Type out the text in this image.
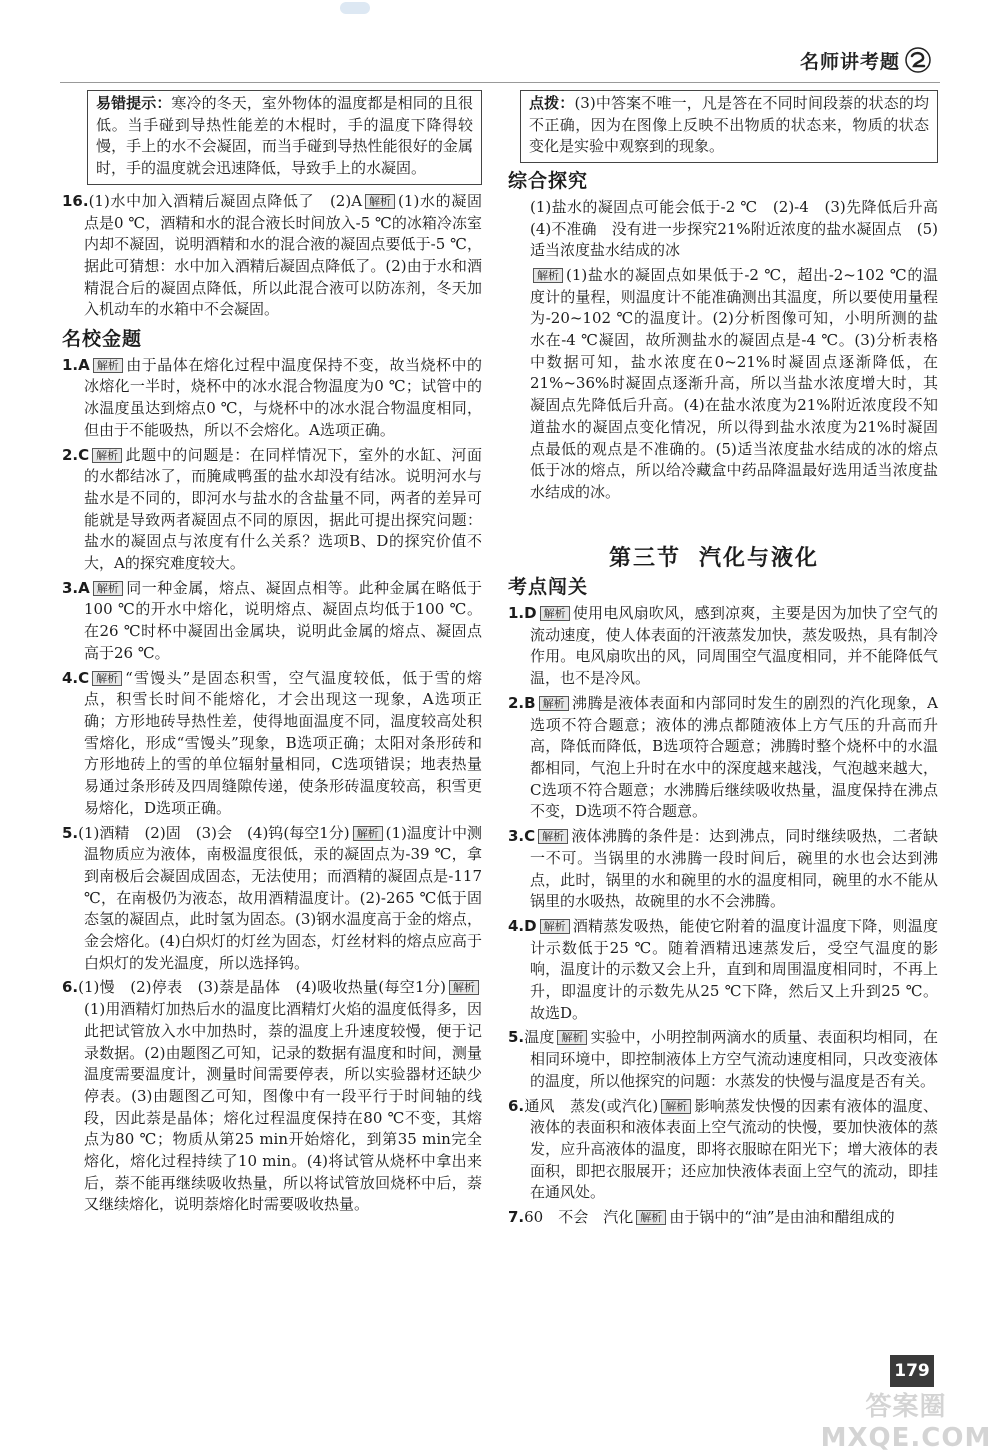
名师讲考题
易错提示：寒冷的冬天，室外物体的温度都是相同的且很低。当手碰到导热性能差的木棍时，手的温度下降得较慢，手上的水不会凝固，而当手碰到导热性能很好的金属时，手的温度就会迅速降低，导致手上的水凝固。

16.(1)水中加入酒精后凝固点降低了　(2)A 解析 (1)水的凝固点是0 ℃，酒精和水的混合液长时间放入-5 ℃的冰箱冷冻室内却不凝固，说明酒精和水的混合液的凝固点要低于-5 ℃，据此可猜想：水中加入酒精后凝固点降低了。(2)由于水和酒精混合后的凝固点降低，所以此混合液可以防冻剂，冬天加入机动车的水箱中不会凝固。

名校金题

1.A 解析 由于晶体在熔化过程中温度保持不变，故当烧杯中的冰熔化一半时，烧杯中的冰水混合物温度为0 ℃；试管中的冰温度虽达到熔点0 ℃，与烧杯中的冰水混合物温度相同，但由于不能吸热，所以不会熔化。A选项正确。

2.C 解析 此题中的问题是：在同样情况下，室外的水缸、河面的水都结冰了，而腌咸鸭蛋的盐水却没有结冰。说明河水与盐水是不同的，即河水与盐水的含盐量不同，两者的差异可能就是导致两者凝固点不同的原因，据此可提出探究问题：盐水的凝固点与浓度有什么关系？选项B、D的探究价值不大，A的探究难度较大。

3.A 解析 同一种金属，熔点、凝固点相等。此种金属在略低于100 ℃的开水中熔化，说明熔点、凝固点均低于100 ℃。在26 ℃时杯中凝固出金属块，说明此金属的熔点、凝固点高于26 ℃。

4.C 解析 “雪馒头”是固态积雪，空气温度较低，低于雪的熔点，积雪长时间不能熔化，才会出现这一现象，A选项正确；方形地砖导热性差，使得地面温度不同，温度较高处积雪熔化，形成“雪馒头”现象，B选项正确；太阳对条形砖和方形地砖上的雪的单位辐射量相同，C选项错误；地表热量易通过条形砖及四周缝隙传递，使条形砖温度较高，积雪更易熔化，D选项正确。

5.(1)酒精　(2)固　(3)会　(4)钨(每空1分) 解析 (1)温度计中测温物质应为液体，南极温度很低，汞的凝固点为-39 ℃，拿到南极后会凝固成固态，无法使用；而酒精的凝固点是-117 ℃，在南极仍为液态，故用酒精温度计。(2)-265 ℃低于固态氢的凝固点，此时氢为固态。(3)钢水温度高于金的熔点，金会熔化。(4)白炽灯的灯丝为固态，灯丝材料的熔点应高于白炽灯的发光温度，所以选择钨。

6.(1)慢　(2)停表　(3)萘是晶体　(4)吸收热量(每空1分) 解析(1)用酒精灯加热后水的温度比酒精灯火焰的温度低得多，因此把试管放入水中加热时，萘的温度上升速度较慢，便于记录数据。(2)由题图乙可知，记录的数据有温度和时间，测量温度需要温度计，测量时间需要停表，所以实验器材还缺少停表。(3)由题图乙可知，图像中有一段平行于时间轴的线段，因此萘是晶体；熔化过程温度保持在80 ℃不变，其熔点为80 ℃；物质从第25 min开始熔化，到第35 min完全熔化，熔化过程持续了10 min。(4)将试管从烧杯中拿出来后，萘不能再继续吸收热量，所以将试管放回烧杯中后，萘又继续熔化，说明萘熔化时需要吸收热量。

点拨：(3)中答案不唯一，凡是答在不同时间段萘的状态的均不正确，因为在图像上反映不出物质的状态来，物质的状态变化是实验中观察到的现象。
综合探究

(1)盐水的凝固点可能会低于-2 ℃　(2)-4　(3)先降低后升高　(4)不准确　没有进一步探究21%附近浓度的盐水凝固点　(5)适当浓度盐水结成的冰

解析 (1)盐水的凝固点如果低于-2 ℃，超出-2~102 ℃的温度计的量程，则温度计不能准确测出其温度，所以要使用量程为-20~102 ℃的温度计。(2)分析图像可知，小明所测的盐水在-4 ℃凝固，故所测盐水的凝固点是-4 ℃。(3)分析表格中数据可知，盐水浓度在0~21%时凝固点逐渐降低，在21%~36%时凝固点逐渐升高，所以当盐水浓度增大时，其凝固点先降低后升高。(4)在盐水浓度为21%附近浓度段不知道盐水的凝固点变化情况，所以得到盐水浓度为21%时凝固点最低的观点是不准确的。(5)适当浓度盐水结成的冰的熔点低于冰的熔点，所以给冷藏盒中药品降温最好选用适当浓度盐水结成的冰。

第三节 汽化与液化
考点闯关

1.D 解析 使用电风扇吹风，感到凉爽，主要是因为加快了空气的流动速度，使人体表面的汗液蒸发加快，蒸发吸热，具有制冷作用。电风扇吹出的风，同周围空气温度相同，并不能降低气温，也不是冷风。

2.B 解析 沸腾是液体表面和内部同时发生的剧烈的汽化现象，A选项不符合题意；液体的沸点都随液体上方气压的升高而升高，降低而降低，B选项符合题意；沸腾时整个烧杯中的水温都相同，气泡上升时在水中的深度越来越浅，气泡越来越大，C选项不符合题意；水沸腾后继续吸收热量，温度保持在沸点不变，D选项不符合题意。

3.C 解析 液体沸腾的条件是：达到沸点，同时继续吸热，二者缺一不可。当锅里的水沸腾一段时间后，碗里的水也会达到沸点，此时，锅里的水和碗里的水的温度相同，碗里的水不能从锅里的水吸热，故碗里的水不会沸腾。

4.D 解析 酒精蒸发吸热，能使它附着的温度计温度下降，则温度计示数低于25 ℃。随着酒精迅速蒸发后，受空气温度的影响，温度计的示数又会上升，直到和周围温度相同时，不再上升，即温度计的示数先从25 ℃下降，然后又上升到25 ℃。故选D。

5.温度 解析 实验中，小明控制两滴水的质量、表面积均相同，在相同环境中，即控制液体上方空气流动速度相同，只改变液体的温度，所以他探究的问题：水蒸发的快慢与温度是否有关。

6.通风　蒸发(或汽化) 解析 影响蒸发快慢的因素有液体的温度、液体的表面积和液体表面上空气流动的快慢，要加快液体的蒸发，应升高液体的温度，即将衣服晾在阳光下；增大液体的表面积，即把衣服展开；还应加快液体表面上空气的流动，即挂在通风处。

7.60　不会　汽化 解析 由于锅中的“油”是由油和醋组成的

179
答案圈 MXQE.COM
